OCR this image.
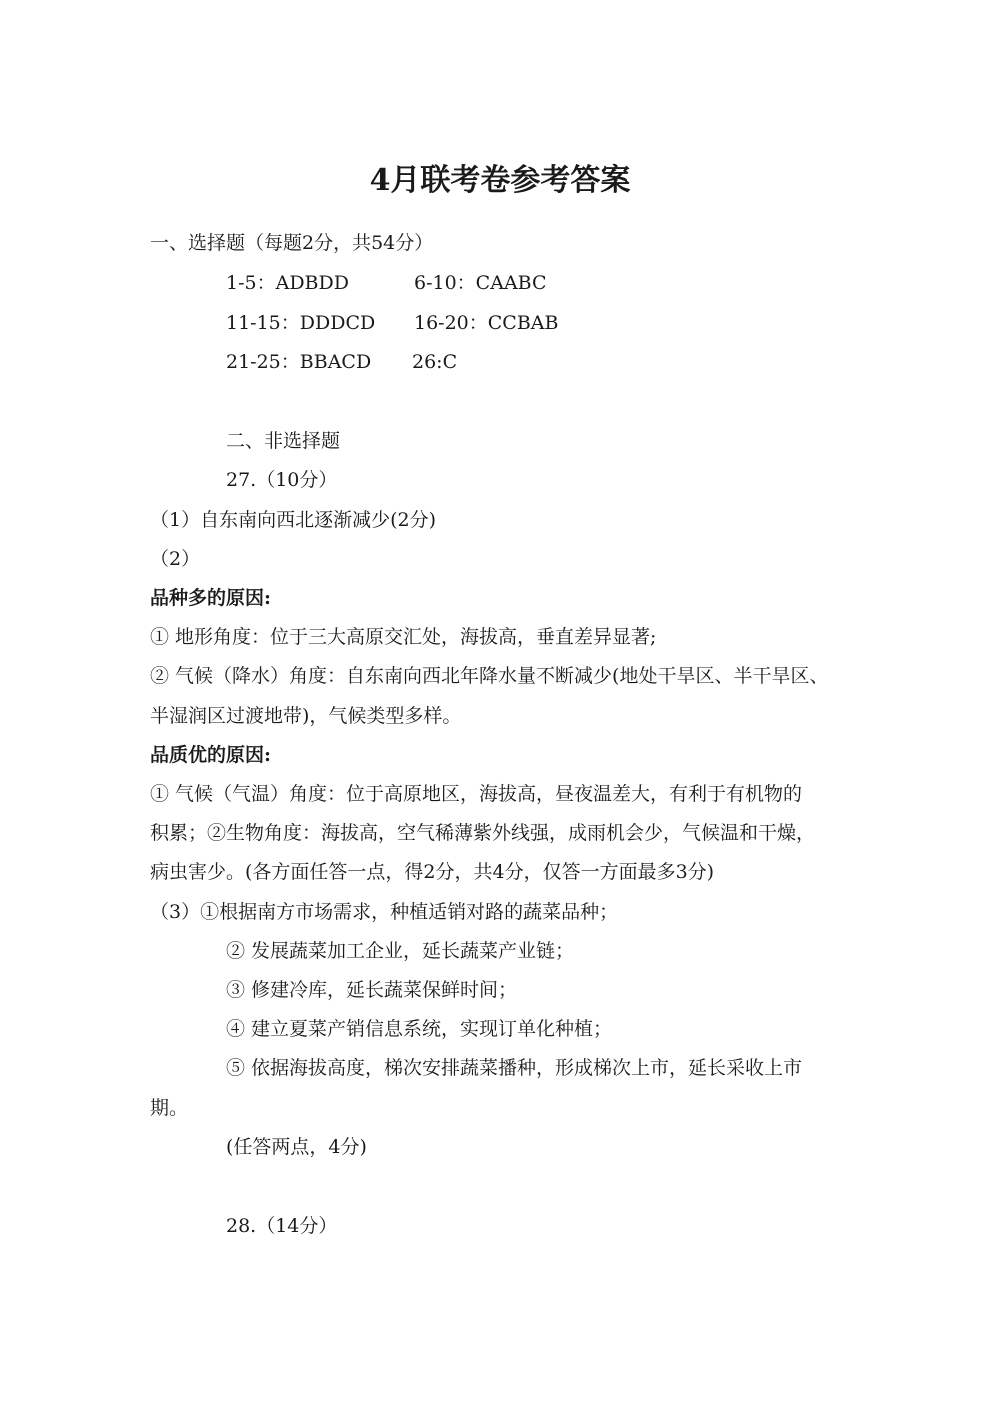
4月联考卷参考答案
一、选择题（每题2分，共54分）
1-5：ADBDD	6-10：CAABC
11-15：DDDCD 16-20：CCBAB
21-25：BBACD 26:C
二、非选择题
27.（10分）
（1）自东南向西北逐渐减少(2分)
（2）
品种多的原因:
① 地形角度：位于三大高原交汇处，海拔高，垂直差异显著;
② 气候（降水）角度：自东南向西北年降水量不断减少(地处干旱区、半干旱区、
半湿润区过渡地带)，气候类型多样。
品质优的原因:
① 气候（气温）角度：位于高原地区，海拔高，昼夜温差大，有利于有机物的
积累；②生物角度：海拔高，空气稀薄紫外线强，成雨机会少，气候温和干燥，
病虫害少。(各方面任答一点，得2分，共4分，仅答一方面最多3分)
（3）①根据南方市场需求，种植适销对路的蔬菜品种；
② 发展蔬菜加工企业，延长蔬菜产业链；
③ 修建冷库，延长蔬菜保鲜时间；
④ 建立夏菜产销信息系统，实现订单化种植；
⑤ 依据海拔高度，梯次安排蔬菜播种，形成梯次上市，延长采收上市
期。
(任答两点，4分)
28.（14分）
